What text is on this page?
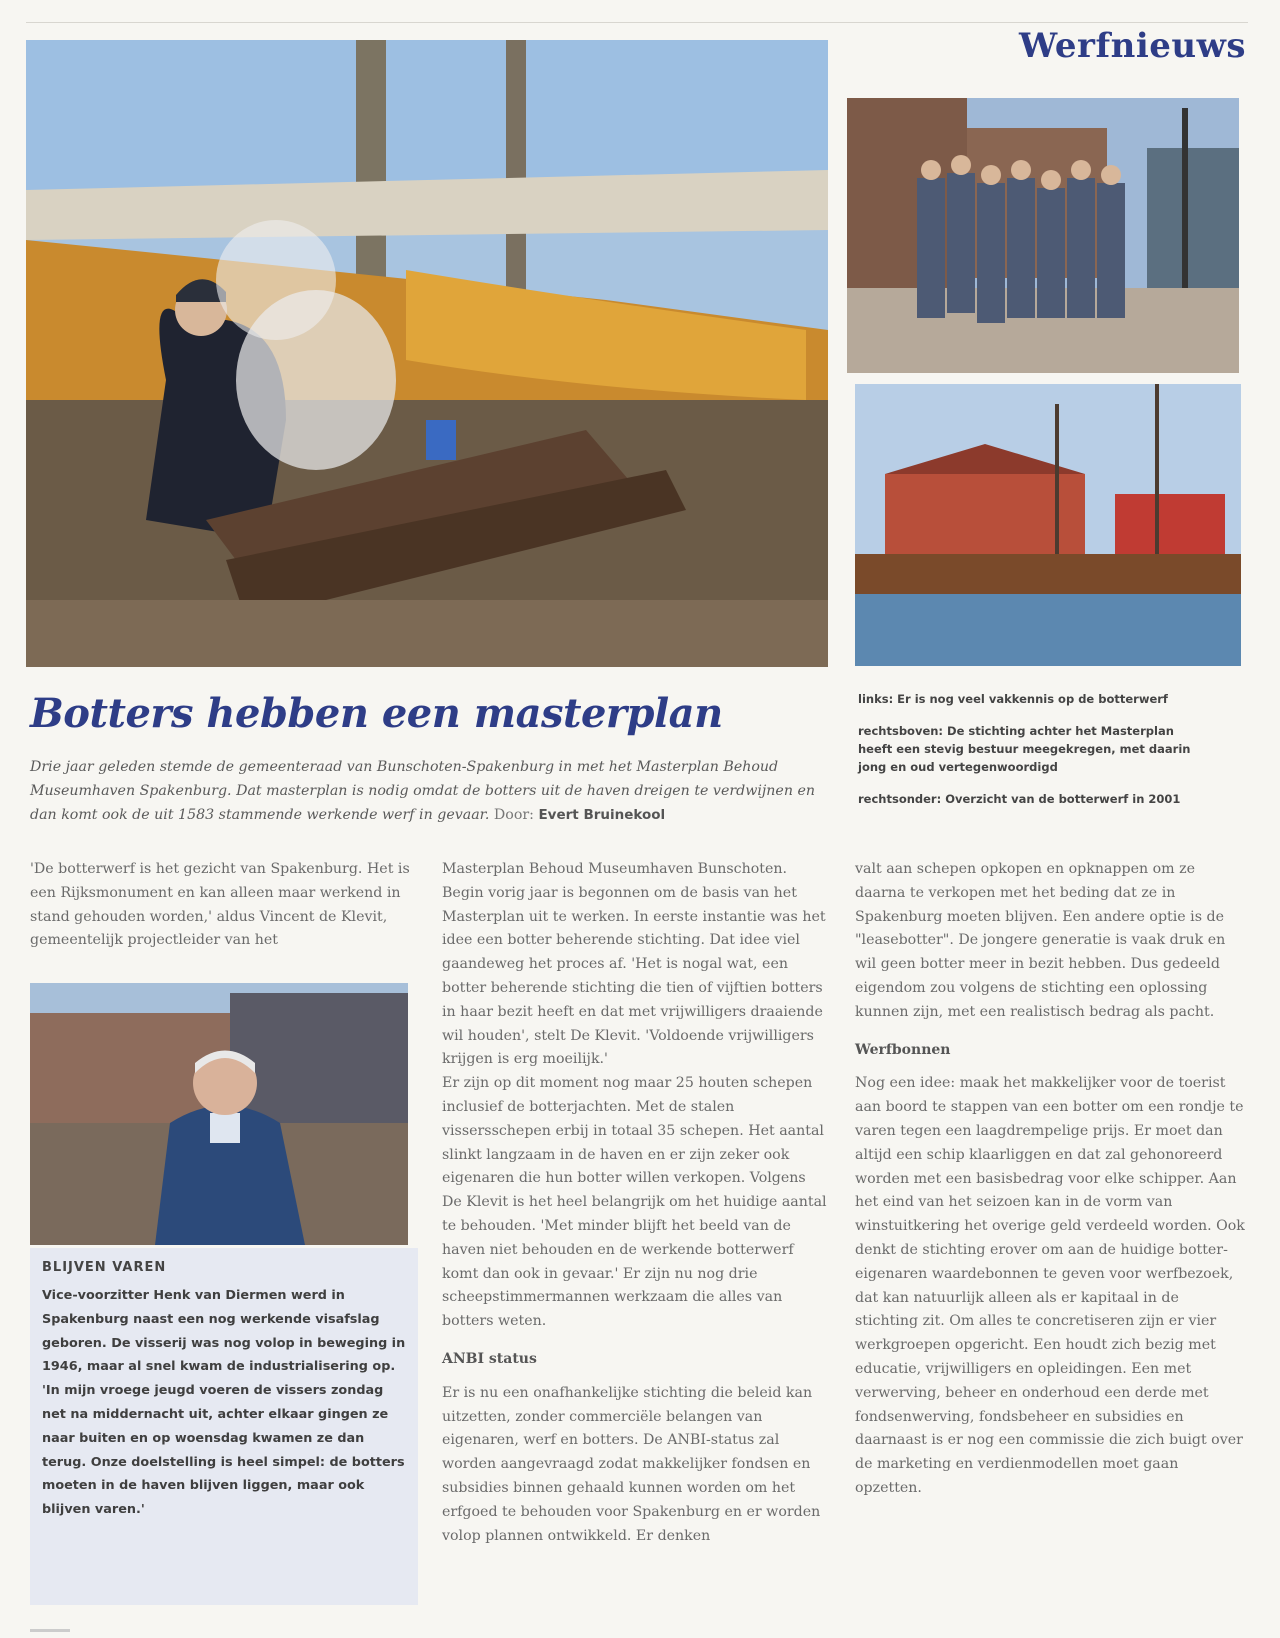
Werfnieuws
Botters hebben een masterplan
Drie jaar geleden stemde de gemeenteraad van Bunschoten-Spakenburg in met het Masterplan Behoud Museumhaven Spakenburg. Dat masterplan is nodig omdat de botters uit de haven dreigen te verdwijnen en dan komt ook de uit 1583 stammende werkende werf in gevaar. Door: Evert Bruinekool

links: Er is nog veel vakkennis op de botterwerf

rechtsboven: De stichting achter het Masterplan heeft een stevig bestuur meegekregen, met daarin jong en oud vertegenwoordigd

rechtsonder: Overzicht van de botterwerf in 2001

'De botterwerf is het gezicht van Spakenburg. Het is een Rijksmonument en kan alleen maar werkend in stand gehouden worden,' aldus Vincent de Klevit, gemeentelijk projectleider van het

BLIJVEN VAREN
Vice-voorzitter Henk van Diermen werd in Spakenburg naast een nog werkende visafslag geboren. De visserij was nog volop in beweging in 1946, maar al snel kwam de industrialisering op. 'In mijn vroege jeugd voeren de vissers zondag net na middernacht uit, achter elkaar gingen ze naar buiten en op woensdag kwamen ze dan terug. Onze doelstelling is heel simpel: de botters moeten in de haven blijven liggen, maar ook blijven varen.'

Masterplan Behoud Museumhaven Bunschoten. Begin vorig jaar is begonnen om de basis van het Masterplan uit te werken. In eerste instantie was het idee een botter beherende stichting. Dat idee viel gaandeweg het proces af. 'Het is nogal wat, een botter beherende stichting die tien of vijftien botters in haar bezit heeft en dat met vrijwilligers draaiende wil houden', stelt De Klevit. 'Voldoende vrijwilligers krijgen is erg moeilijk.'

Er zijn op dit moment nog maar 25 houten schepen inclusief de botterjachten. Met de stalen vissersschepen erbij in totaal 35 schepen. Het aantal slinkt langzaam in de haven en er zijn zeker ook eigenaren die hun botter willen verkopen. Volgens De Klevit is het heel belangrijk om het huidige aantal te behouden. 'Met minder blijft het beeld van de haven niet behouden en de werkende botterwerf komt dan ook in gevaar.' Er zijn nu nog drie scheepstimmermannen werkzaam die alles van botters weten.

ANBI status

Er is nu een onafhankelijke stichting die beleid kan uitzetten, zonder commerciële belangen van eigenaren, werf en botters. De ANBI-status zal worden aangevraagd zodat makkelijker fondsen en subsidies binnen gehaald kunnen worden om het erfgoed te behouden voor Spakenburg en er worden volop plannen ontwikkeld. Er denken

valt aan schepen opkopen en opknappen om ze daarna te verkopen met het beding dat ze in Spakenburg moeten blijven. Een andere optie is de "leasebotter". De jongere generatie is vaak druk en wil geen botter meer in bezit hebben. Dus gedeeld eigendom zou volgens de stichting een oplossing kunnen zijn, met een realistisch bedrag als pacht.

Werfbonnen

Nog een idee: maak het makkelijker voor de toerist aan boord te stappen van een botter om een rondje te varen tegen een laagdrempelige prijs. Er moet dan altijd een schip klaarliggen en dat zal gehonoreerd worden met een basisbedrag voor elke schipper. Aan het eind van het seizoen kan in de vorm van winstuitkering het overige geld verdeeld worden. Ook denkt de stichting erover om aan de huidige botter-eigenaren waardebonnen te geven voor werfbezoek, dat kan natuurlijk alleen als er kapitaal in de stichting zit. Om alles te concretiseren zijn er vier werkgroepen opgericht. Een houdt zich bezig met educatie, vrijwilligers en opleidingen. Een met verwerving, beheer en onderhoud een derde met fondsenwerving, fondsbeheer en subsidies en daarnaast is er nog een commissie die zich buigt over de marketing en verdienmodellen moet gaan opzetten.
